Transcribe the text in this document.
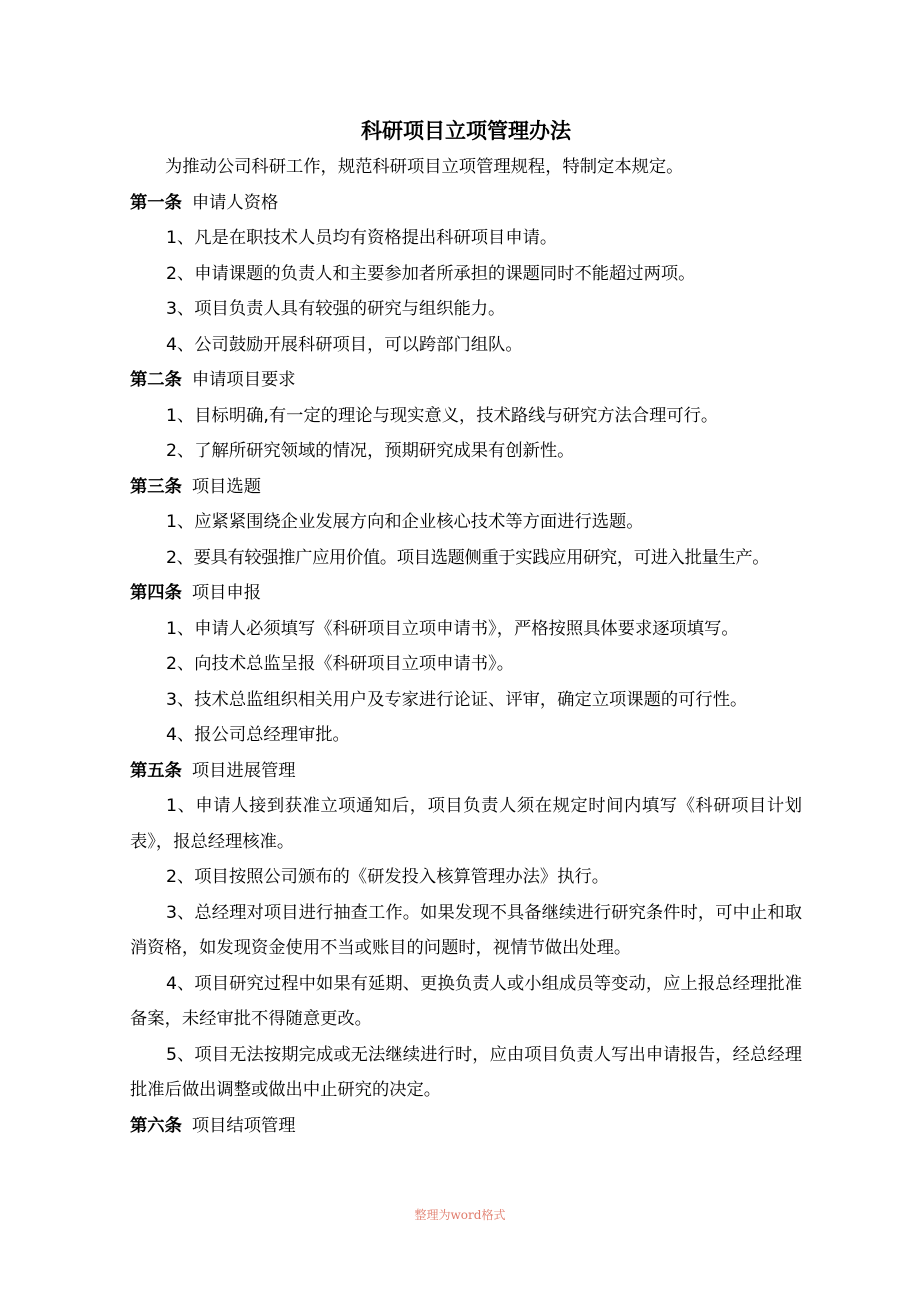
科研项目立项管理办法
为推动公司科研工作，规范科研项目立项管理规程，特制定本规定。
第一条 申请人资格
1、凡是在职技术人员均有资格提出科研项目申请。
2、申请课题的负责人和主要参加者所承担的课题同时不能超过两项。
3、项目负责人具有较强的研究与组织能力。
4、公司鼓励开展科研项目，可以跨部门组队。
第二条 申请项目要求
1、目标明确,有一定的理论与现实意义，技术路线与研究方法合理可行。
2、了解所研究领域的情况，预期研究成果有创新性。
第三条 项目选题
1、应紧紧围绕企业发展方向和企业核心技术等方面进行选题。
2、要具有较强推广应用价值。项目选题侧重于实践应用研究，可进入批量生产。
第四条 项目申报
1、申请人必须填写《科研项目立项申请书》，严格按照具体要求逐项填写。
2、向技术总监呈报《科研项目立项申请书》。
3、技术总监组织相关用户及专家进行论证、评审，确定立项课题的可行性。
4、报公司总经理审批。
第五条 项目进展管理

1、申请人接到获准立项通知后，项目负责人须在规定时间内填写《科研项目计划表》，报总经理核准。

2、项目按照公司颁布的《研发投入核算管理办法》执行。

3、总经理对项目进行抽查工作。如果发现不具备继续进行研究条件时，可中止和取消资格，如发现资金使用不当或账目的问题时，视情节做出处理。

4、项目研究过程中如果有延期、更换负责人或小组成员等变动，应上报总经理批准备案，未经审批不得随意更改。

5、项目无法按期完成或无法继续进行时，应由项目负责人写出申请报告，经总经理批准后做出调整或做出中止研究的决定。

第六条 项目结项管理
整理为word格式
